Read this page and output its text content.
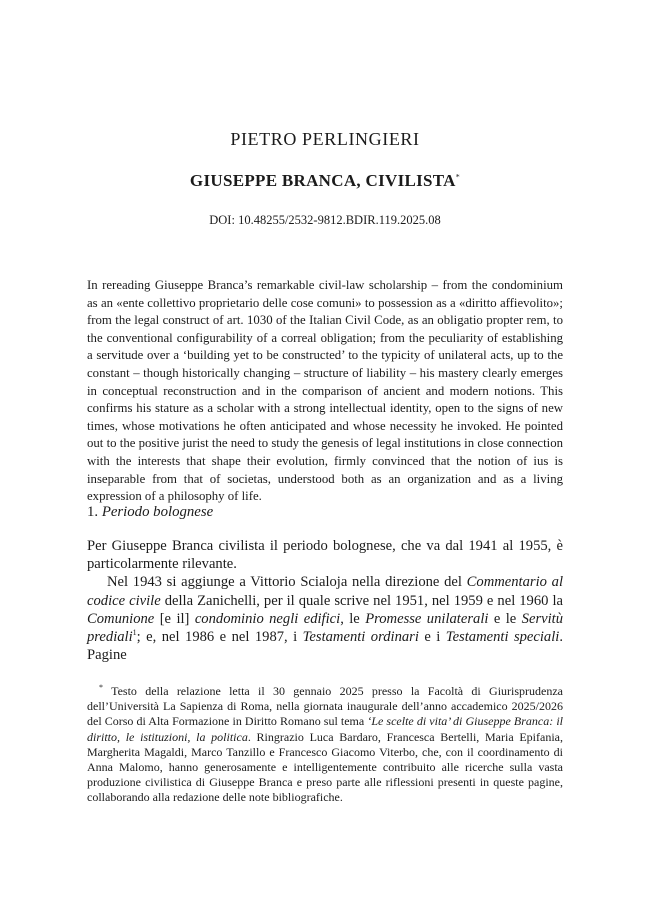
PIETRO PERLINGIERI
GIUSEPPE BRANCA, CIVILISTA*
DOI: 10.48255/2532-9812.BDIR.119.2025.08
In rereading Giuseppe Branca’s remarkable civil-law scholarship – from the condominium as an «ente collettivo proprietario delle cose comuni» to possession as a «diritto affievolito»; from the legal construct of art. 1030 of the Italian Civil Code, as an obligatio propter rem, to the conventional configurability of a correal obligation; from the peculiarity of establishing a servitude over a ‘building yet to be constructed’ to the typicity of unilateral acts, up to the constant – though historically changing – structure of liability – his mastery clearly emerges in conceptual reconstruction and in the comparison of ancient and modern notions. This confirms his stature as a scholar with a strong intellectual identity, open to the signs of new times, whose motivations he often anticipated and whose necessity he invoked. He pointed out to the positive jurist the need to study the genesis of legal institutions in close connection with the interests that shape their evolution, firmly convinced that the notion of ius is inseparable from that of societas, understood both as an organization and as a living expression of a philosophy of life.
1. Periodo bolognese

Per Giuseppe Branca civilista il periodo bolognese, che va dal 1941 al 1955, è particolarmente rilevante.

Nel 1943 si aggiunge a Vittorio Scialoja nella direzione del Commentario al codice civile della Zanichelli, per il quale scrive nel 1951, nel 1959 e nel 1960 la Comunione [e il] condominio negli edifici, le Promesse unilaterali e le Servitù prediali$^1$; e, nel 1986 e nel 1987, i Testamenti ordinari e i Testamenti speciali. Pagine

* Testo della relazione letta il 30 gennaio 2025 presso la Facoltà di Giurisprudenza dell’Università La Sapienza di Roma, nella giornata inaugurale dell’anno accademico 2025/2026 del Corso di Alta Formazione in Diritto Romano sul tema ‘Le scelte di vita’ di Giuseppe Branca: il diritto, le istituzioni, la politica. Ringrazio Luca Bardaro, Francesca Bertelli, Maria Epifania, Margherita Magaldi, Marco Tanzillo e Francesco Giacomo Viterbo, che, con il coordinamento di Anna Malomo, hanno generosamente e intelligentemente contribuito alle ricerche sulla vasta produzione civilistica di Giuseppe Branca e preso parte alle riflessioni presenti in queste pagine, collaborando alla redazione delle note bibliografiche.
